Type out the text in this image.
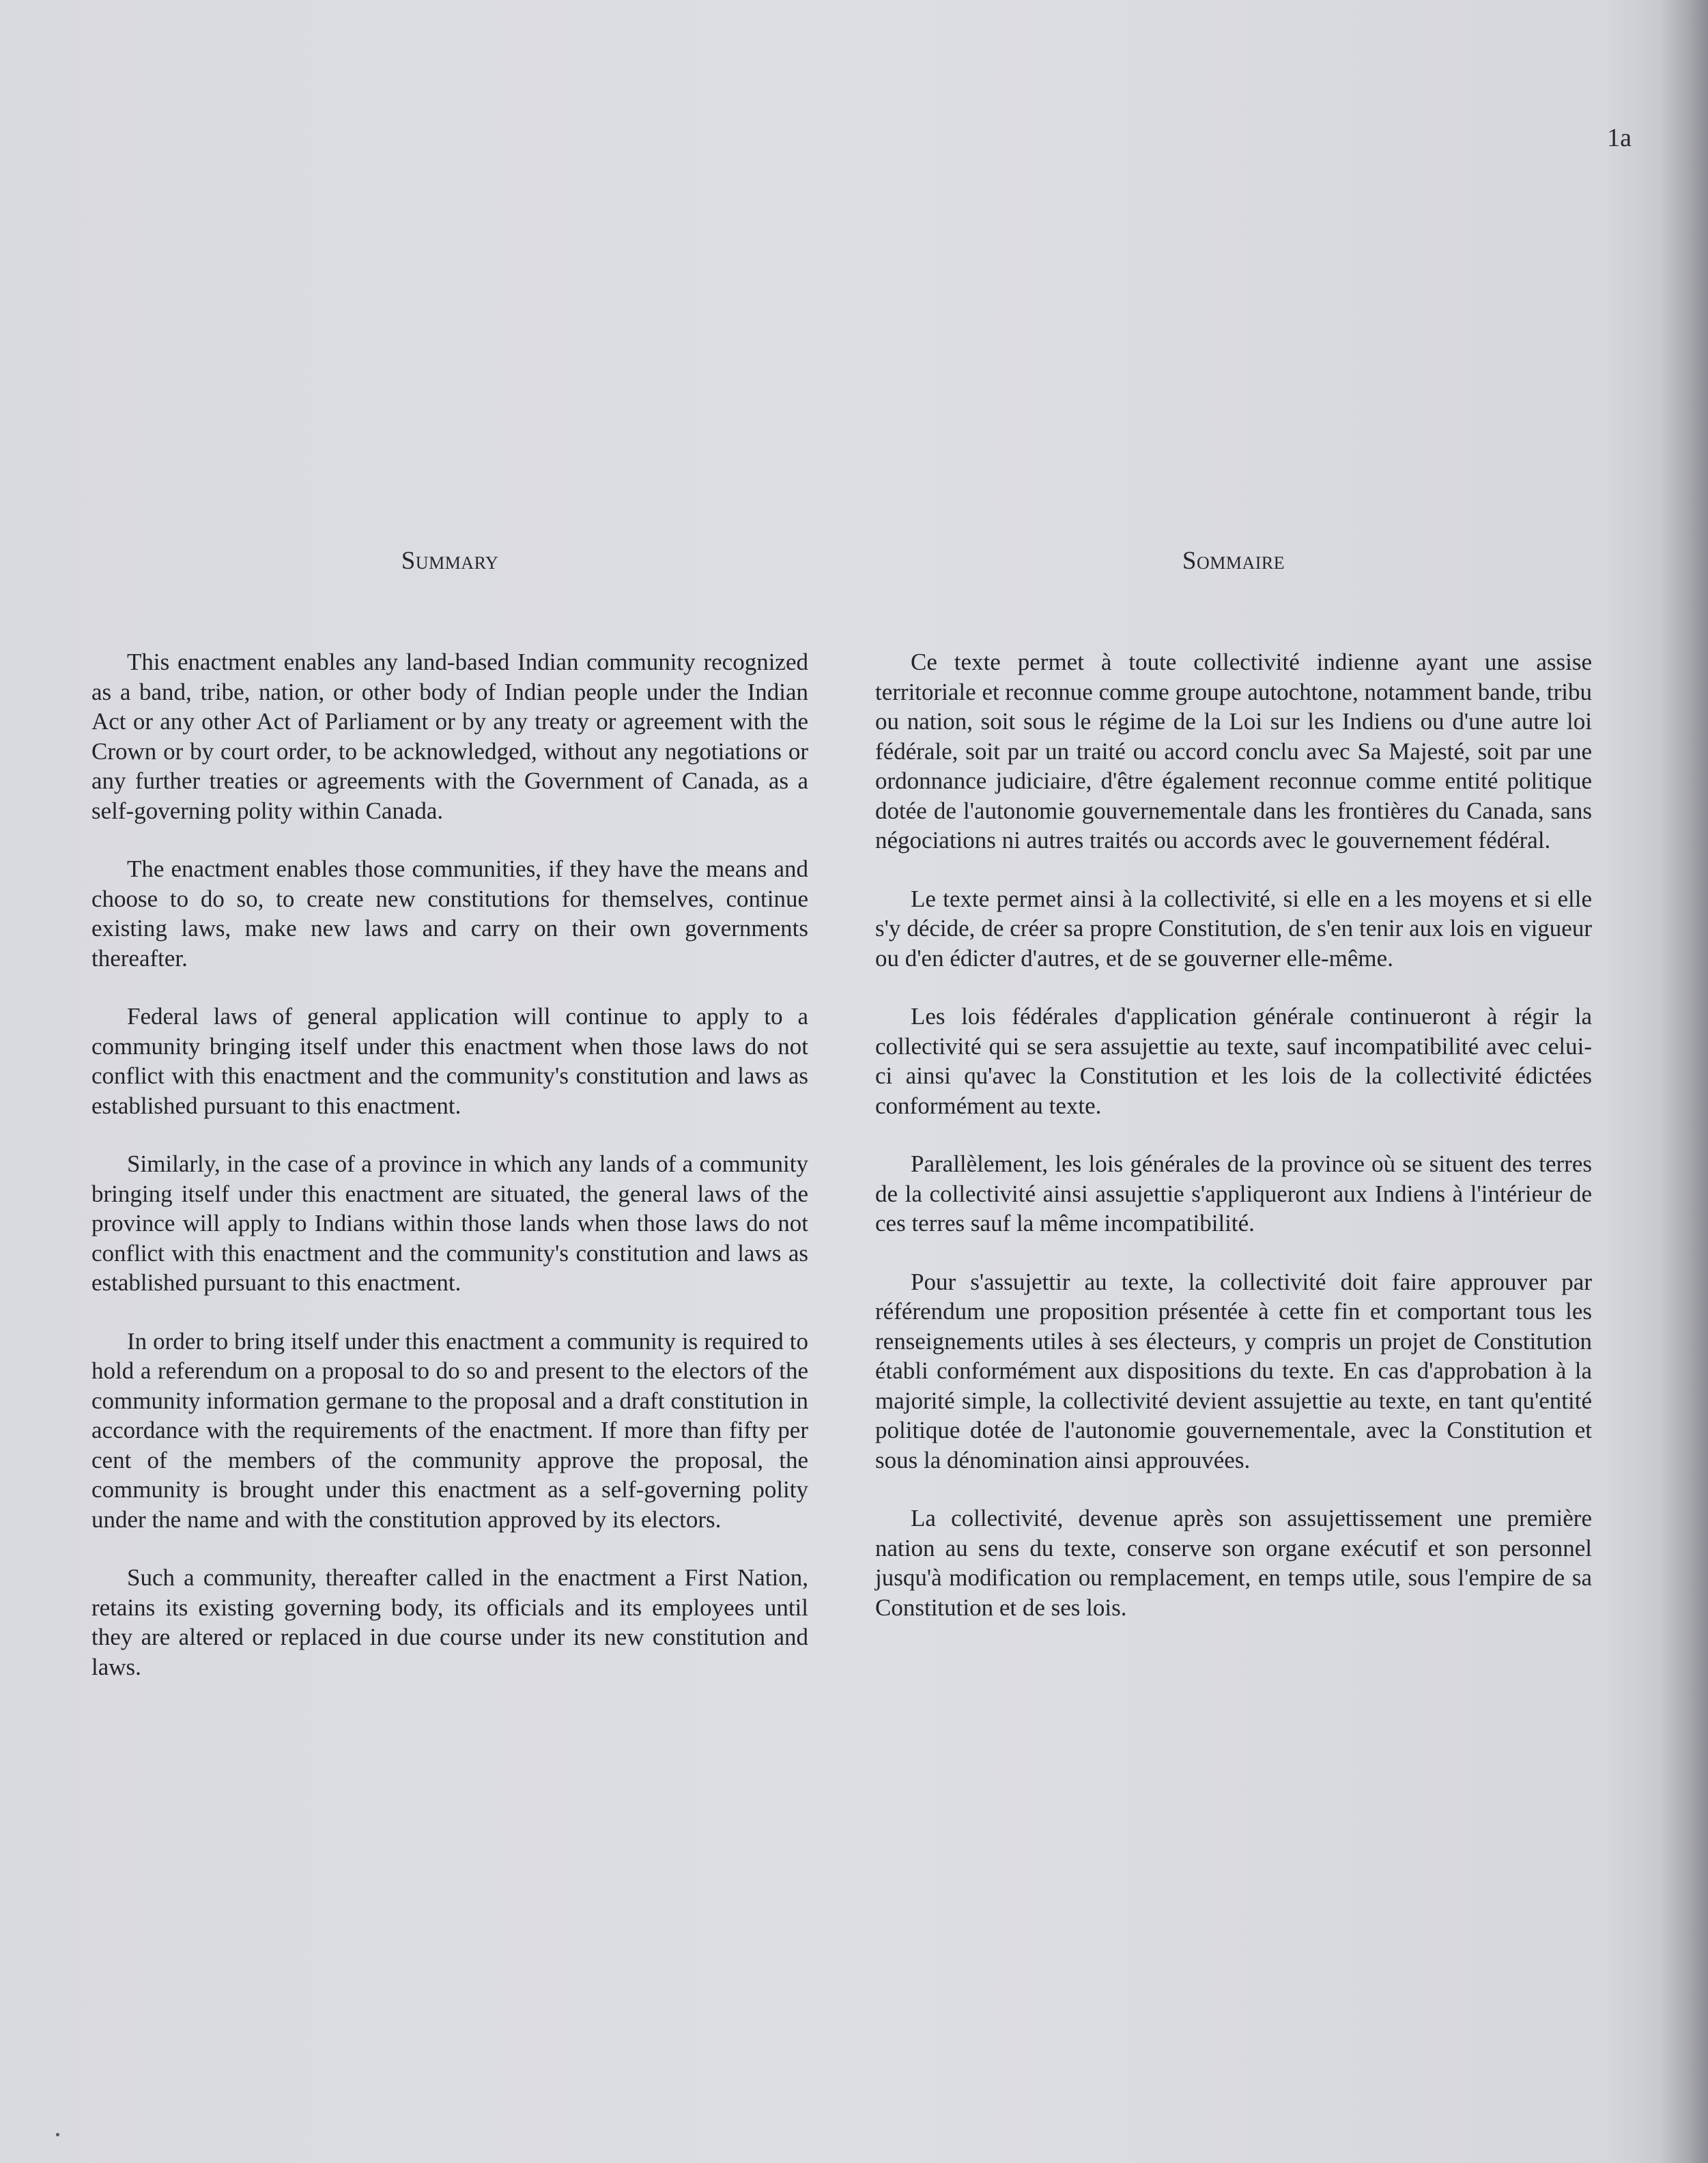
1a
Summary

This enactment enables any land-based Indian community recognized as a band, tribe, nation, or other body of Indian people under the Indian Act or any other Act of Parliament or by any treaty or agreement with the Crown or by court order, to be acknowledged, without any negotiations or any further treaties or agreements with the Government of Canada, as a self-governing polity within Canada.

The enactment enables those communities, if they have the means and choose to do so, to create new constitutions for themselves, continue existing laws, make new laws and carry on their own governments thereafter.

Federal laws of general application will continue to apply to a community bringing itself under this enactment when those laws do not conflict with this enactment and the community's constitution and laws as established pursuant to this enactment.

Similarly, in the case of a province in which any lands of a community bringing itself under this enactment are situated, the general laws of the province will apply to Indians within those lands when those laws do not conflict with this enactment and the community's constitution and laws as established pursuant to this enactment.

In order to bring itself under this enactment a community is required to hold a referendum on a proposal to do so and present to the electors of the community information germane to the proposal and a draft constitution in accordance with the requirements of the enactment. If more than fifty per cent of the members of the community approve the proposal, the community is brought under this enactment as a self-governing polity under the name and with the constitution approved by its electors.

Such a community, thereafter called in the enactment a First Nation, retains its existing governing body, its officials and its employees until they are altered or replaced in due course under its new constitution and laws.

Sommaire

Ce texte permet à toute collectivité indienne ayant une assise territoriale et reconnue comme groupe autochtone, notamment bande, tribu ou nation, soit sous le régime de la Loi sur les Indiens ou d'une autre loi fédérale, soit par un traité ou accord conclu avec Sa Majesté, soit par une ordonnance judiciaire, d'être également reconnue comme entité politique dotée de l'autonomie gouvernementale dans les frontières du Canada, sans négociations ni autres traités ou accords avec le gouvernement fédéral.

Le texte permet ainsi à la collectivité, si elle en a les moyens et si elle s'y décide, de créer sa propre Constitution, de s'en tenir aux lois en vigueur ou d'en édicter d'autres, et de se gouverner elle-même.

Les lois fédérales d'application générale continueront à régir la collectivité qui se sera assujettie au texte, sauf incompatibilité avec celui-ci ainsi qu'avec la Constitution et les lois de la collectivité édictées conformément au texte.

Parallèlement, les lois générales de la province où se situent des terres de la collectivité ainsi assujettie s'appliqueront aux Indiens à l'intérieur de ces terres sauf la même incompatibilité.

Pour s'assujettir au texte, la collectivité doit faire approuver par référendum une proposition présentée à cette fin et comportant tous les renseignements utiles à ses électeurs, y compris un projet de Constitution établi conformément aux dispositions du texte. En cas d'approbation à la majorité simple, la collectivité devient assujettie au texte, en tant qu'entité politique dotée de l'autonomie gouvernementale, avec la Constitution et sous la dénomination ainsi approuvées.

La collectivité, devenue après son assujettissement une première nation au sens du texte, conserve son organe exécutif et son personnel jusqu'à modification ou remplacement, en temps utile, sous l'empire de sa Constitution et de ses lois.
